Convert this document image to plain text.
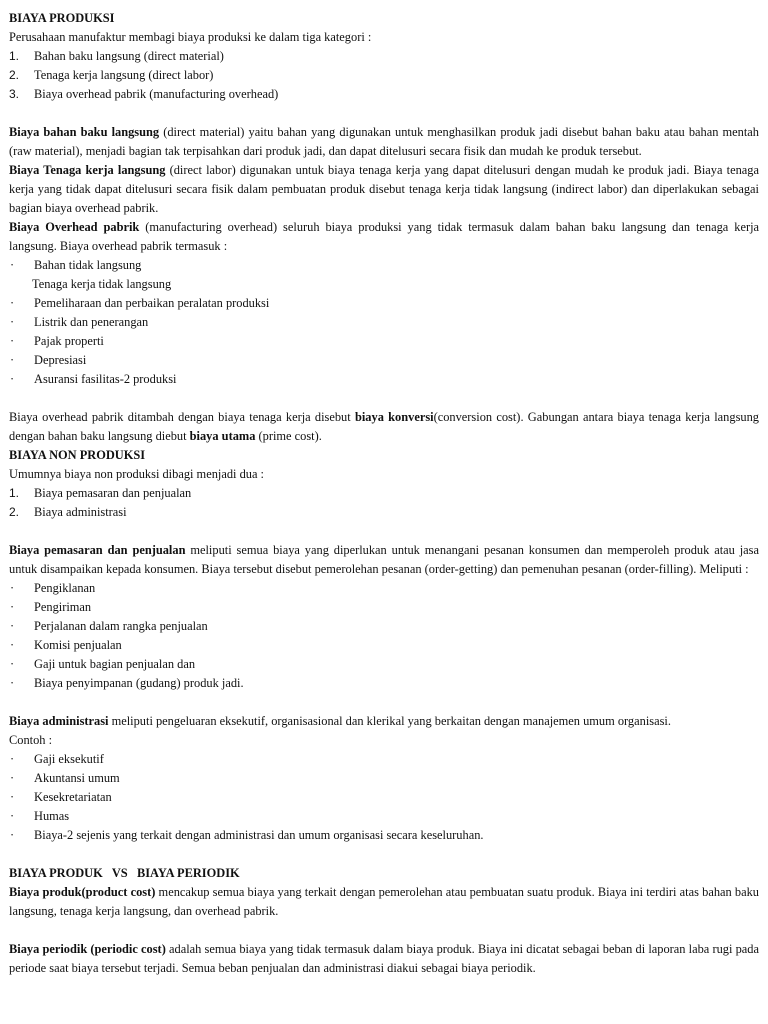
BIAYA PRODUKSI
Perusahaan manufaktur membagi biaya produksi ke dalam tiga kategori :
1. Bahan baku langsung (direct material)
2. Tenaga kerja langsung (direct labor)
3. Biaya overhead pabrik (manufacturing overhead)
Biaya bahan baku langsung (direct material) yaitu bahan yang digunakan untuk menghasilkan produk jadi disebut bahan baku atau bahan mentah (raw material), menjadi bagian tak terpisahkan dari produk jadi, dan dapat ditelusuri secara fisik dan mudah ke produk tersebut.
Biaya Tenaga kerja langsung (direct labor) digunakan untuk biaya tenaga kerja yang dapat ditelusuri dengan mudah ke produk jadi. Biaya tenaga kerja yang tidak dapat ditelusuri secara fisik dalam pembuatan produk disebut tenaga kerja tidak langsung (indirect labor) dan diperlakukan sebagai bagian biaya overhead pabrik.
Biaya Overhead pabrik (manufacturing overhead) seluruh biaya produksi yang tidak termasuk dalam bahan baku langsung dan tenaga kerja langsung. Biaya overhead pabrik termasuk :
· Bahan tidak langsung
Tenaga kerja tidak langsung
· Pemeliharaan dan perbaikan peralatan produksi
· Listrik dan penerangan
· Pajak properti
· Depresiasi
· Asuransi fasilitas-2 produksi
Biaya overhead pabrik ditambah dengan biaya tenaga kerja disebut biaya konversi(conversion cost). Gabungan antara biaya tenaga kerja langsung dengan bahan baku langsung diebut biaya utama (prime cost).
BIAYA NON PRODUKSI
Umumnya biaya non produksi dibagi menjadi dua :
1. Biaya pemasaran dan penjualan
2. Biaya administrasi
Biaya pemasaran dan penjualan meliputi semua biaya yang diperlukan untuk menangani pesanan konsumen dan memperoleh produk atau jasa untuk disampaikan kepada konsumen. Biaya tersebut disebut pemerolehan pesanan (order-getting) dan pemenuhan pesanan (order-filling). Meliputi :
· Pengiklanan
· Pengiriman
· Perjalanan dalam rangka penjualan
· Komisi penjualan
· Gaji untuk bagian penjualan dan
· Biaya penyimpanan (gudang) produk jadi.
Biaya administrasi meliputi pengeluaran eksekutif, organisasional dan klerikal yang berkaitan dengan manajemen umum organisasi.
Contoh :
· Gaji eksekutif
· Akuntansi umum
· Kesekretariatan
· Humas
· Biaya-2 sejenis yang terkait dengan administrasi dan umum organisasi secara keseluruhan.
BIAYA PRODUK   VS   BIAYA PERIODIK
Biaya produk(product cost) mencakup semua biaya yang terkait dengan pemerolehan atau pembuatan suatu produk. Biaya ini terdiri atas bahan baku langsung, tenaga kerja langsung, dan overhead pabrik.
Biaya periodik (periodic cost) adalah semua biaya yang tidak termasuk dalam biaya produk. Biaya ini dicatat sebagai beban di laporan laba rugi pada periode saat biaya tersebut terjadi. Semua beban penjualan dan administrasi diakui sebagai biaya periodik.
